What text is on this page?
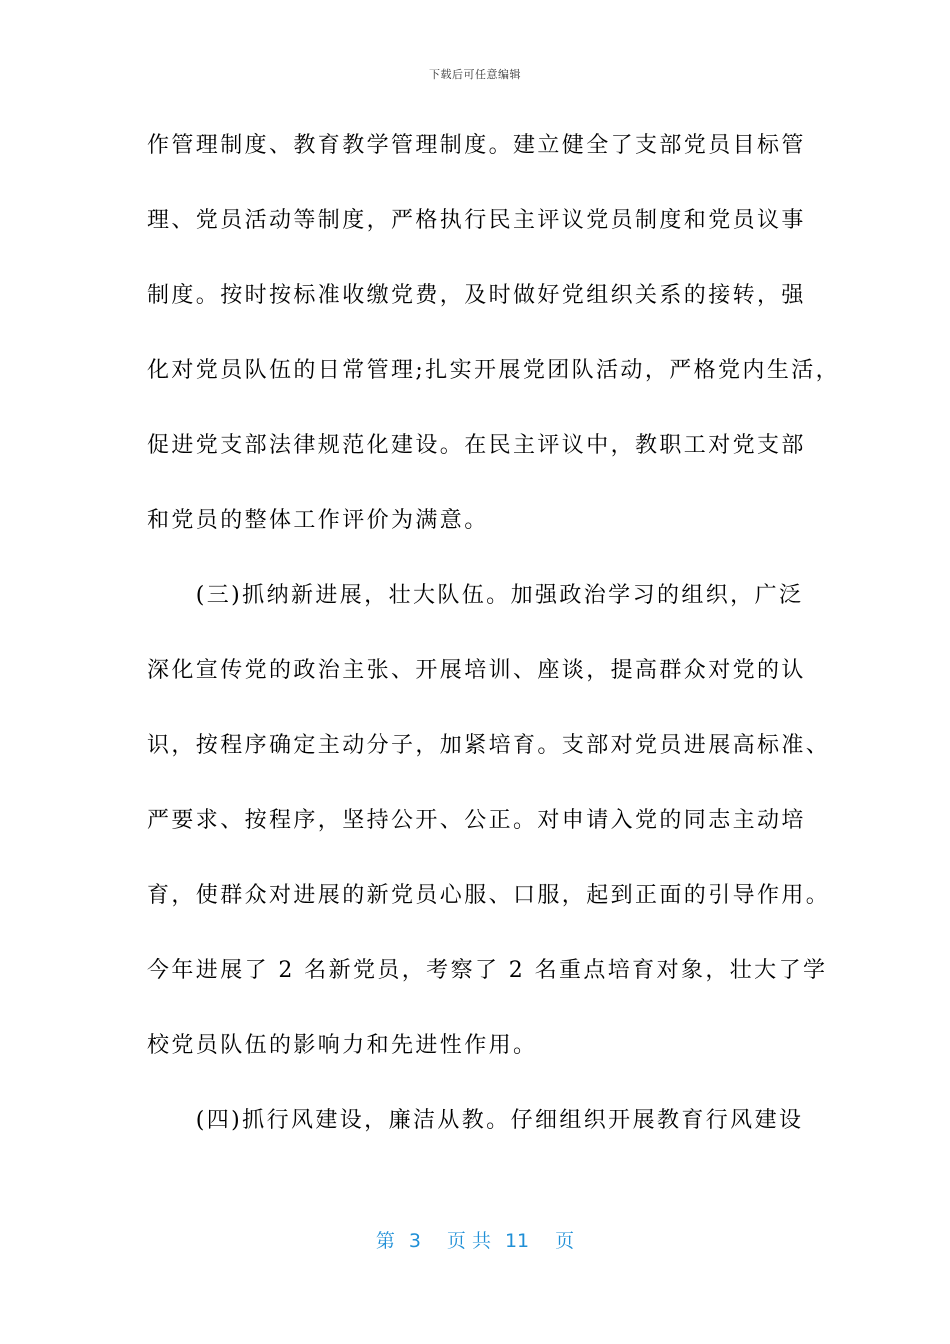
下载后可任意编辑
作管理制度、教育教学管理制度。建立健全了支部党员目标管
理、党员活动等制度，严格执行民主评议党员制度和党员议事
制度。按时按标准收缴党费，及时做好党组织关系的接转，强
化对党员队伍的日常管理;扎实开展党团队活动，严格党内生活，
促进党支部法律规范化建设。在民主评议中，教职工对党支部
和党员的整体工作评价为满意。
　　(三)抓纳新进展，壮大队伍。加强政治学习的组织，广泛
深化宣传党的政治主张、开展培训、座谈，提高群众对党的认
识，按程序确定主动分子，加紧培育。支部对党员进展高标准、
严要求、按程序，坚持公开、公正。对申请入党的同志主动培
育，使群众对进展的新党员心服、口服，起到正面的引导作用。
今年进展了 2 名新党员，考察了 2 名重点培育对象，壮大了学
校党员队伍的影响力和先进性作用。
　　(四)抓行风建设，廉洁从教。仔细组织开展教育行风建设
第 3 页 共 11 页
